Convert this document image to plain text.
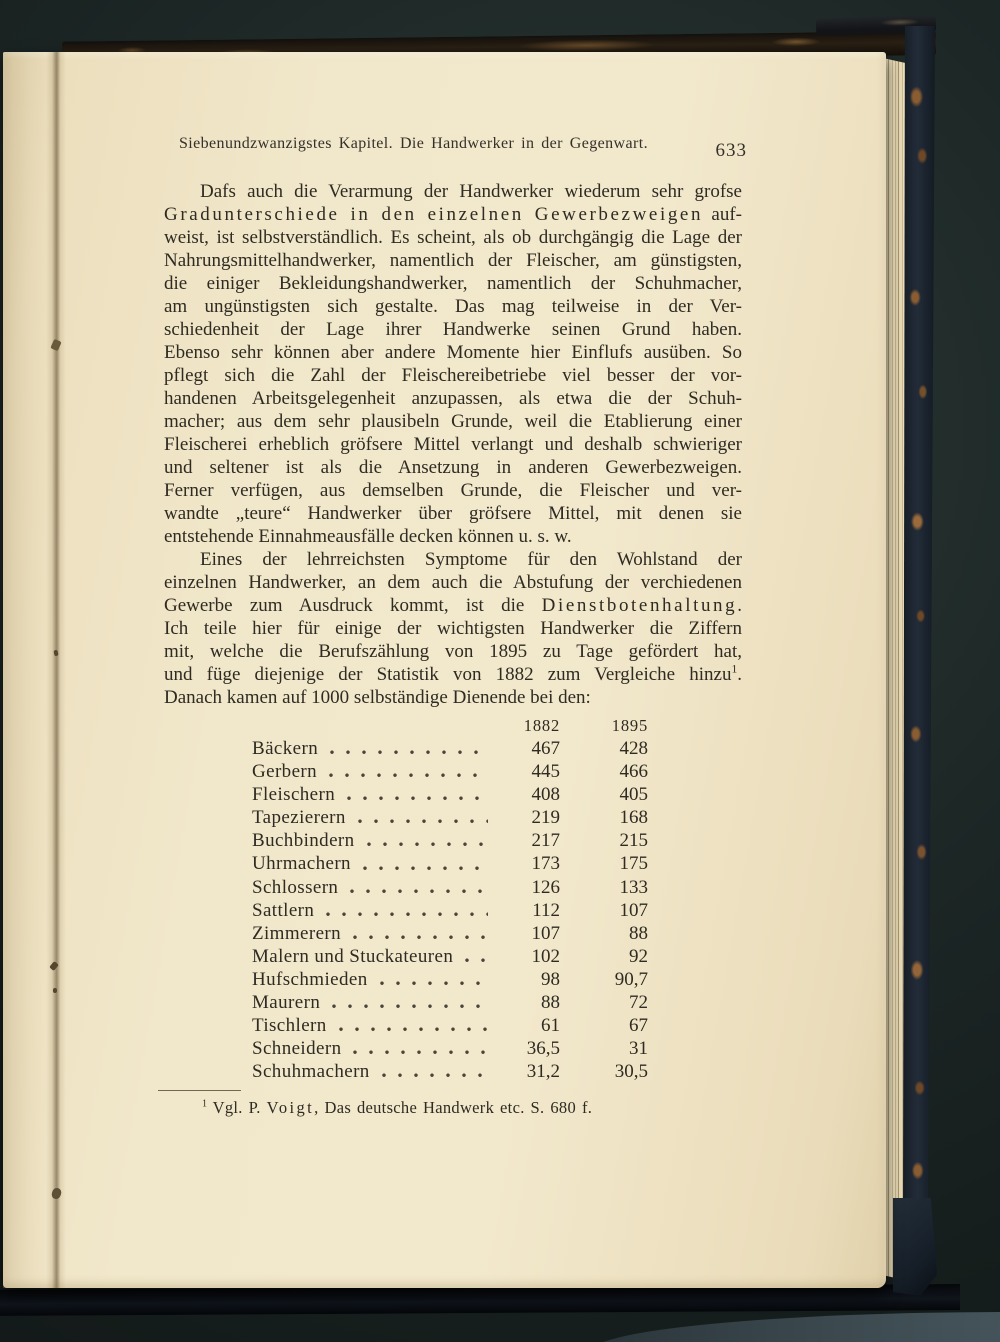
Siebenundzwanzigstes Kapitel. Die Handwerker in der Gegenwart.	633
Dafs auch die Verarmung der Handwerker wiederum sehr grofse
Gradunterschiede in den einzelnen Gewerbezweigen auf-
weist, ist selbstverständlich. Es scheint, als ob durchgängig die Lage der
Nahrungsmittelhandwerker, namentlich der Fleischer, am günstigsten,
die einiger Bekleidungshandwerker, namentlich der Schuhmacher,
am ungünstigsten sich gestalte. Das mag teilweise in der Ver-
schiedenheit der Lage ihrer Handwerke seinen Grund haben.
Ebenso sehr können aber andere Momente hier Einflufs ausüben. So
pflegt sich die Zahl der Fleischereibetriebe viel besser der vor-
handenen Arbeitsgelegenheit anzupassen, als etwa die der Schuh-
macher; aus dem sehr plausibeln Grunde, weil die Etablierung einer
Fleischerei erheblich gröfsere Mittel verlangt und deshalb schwieriger
und seltener ist als die Ansetzung in anderen Gewerbezweigen.
Ferner verfügen, aus demselben Grunde, die Fleischer und ver-
wandte „teure“ Handwerker über gröfsere Mittel, mit denen sie
entstehende Einnahmeausfälle decken können u. s. w.
Eines der lehrreichsten Symptome für den Wohlstand der
einzelnen Handwerker, an dem auch die Abstufung der verchiedenen
Gewerbe zum Ausdruck kommt, ist die Dienstbotenhaltung.
Ich teile hier für einige der wichtigsten Handwerker die Ziffern
mit, welche die Berufszählung von 1895 zu Tage gefördert hat,
und füge diejenige der Statistik von 1882 zum Vergleiche hinzu$^1$.
Danach kamen auf 1000 selbständige Dienende bei den:
1882	1895
Bäckern	467	428
Gerbern	445	466
Fleischern	408	405
Tapezierern	219	168
Buchbindern	217	215
Uhrmachern	173	175
Schlossern	126	133
Sattlern	112	107
Zimmerern	107	88
Malern und Stuckateuren	102	92
Hufschmieden	98	90,7
Maurern	88	72
Tischlern	61	67
Schneidern	36,5	31
Schuhmachern	31,2	30,5
$^1$ Vgl. P. Voigt, Das deutsche Handwerk etc. S. 680 f.
